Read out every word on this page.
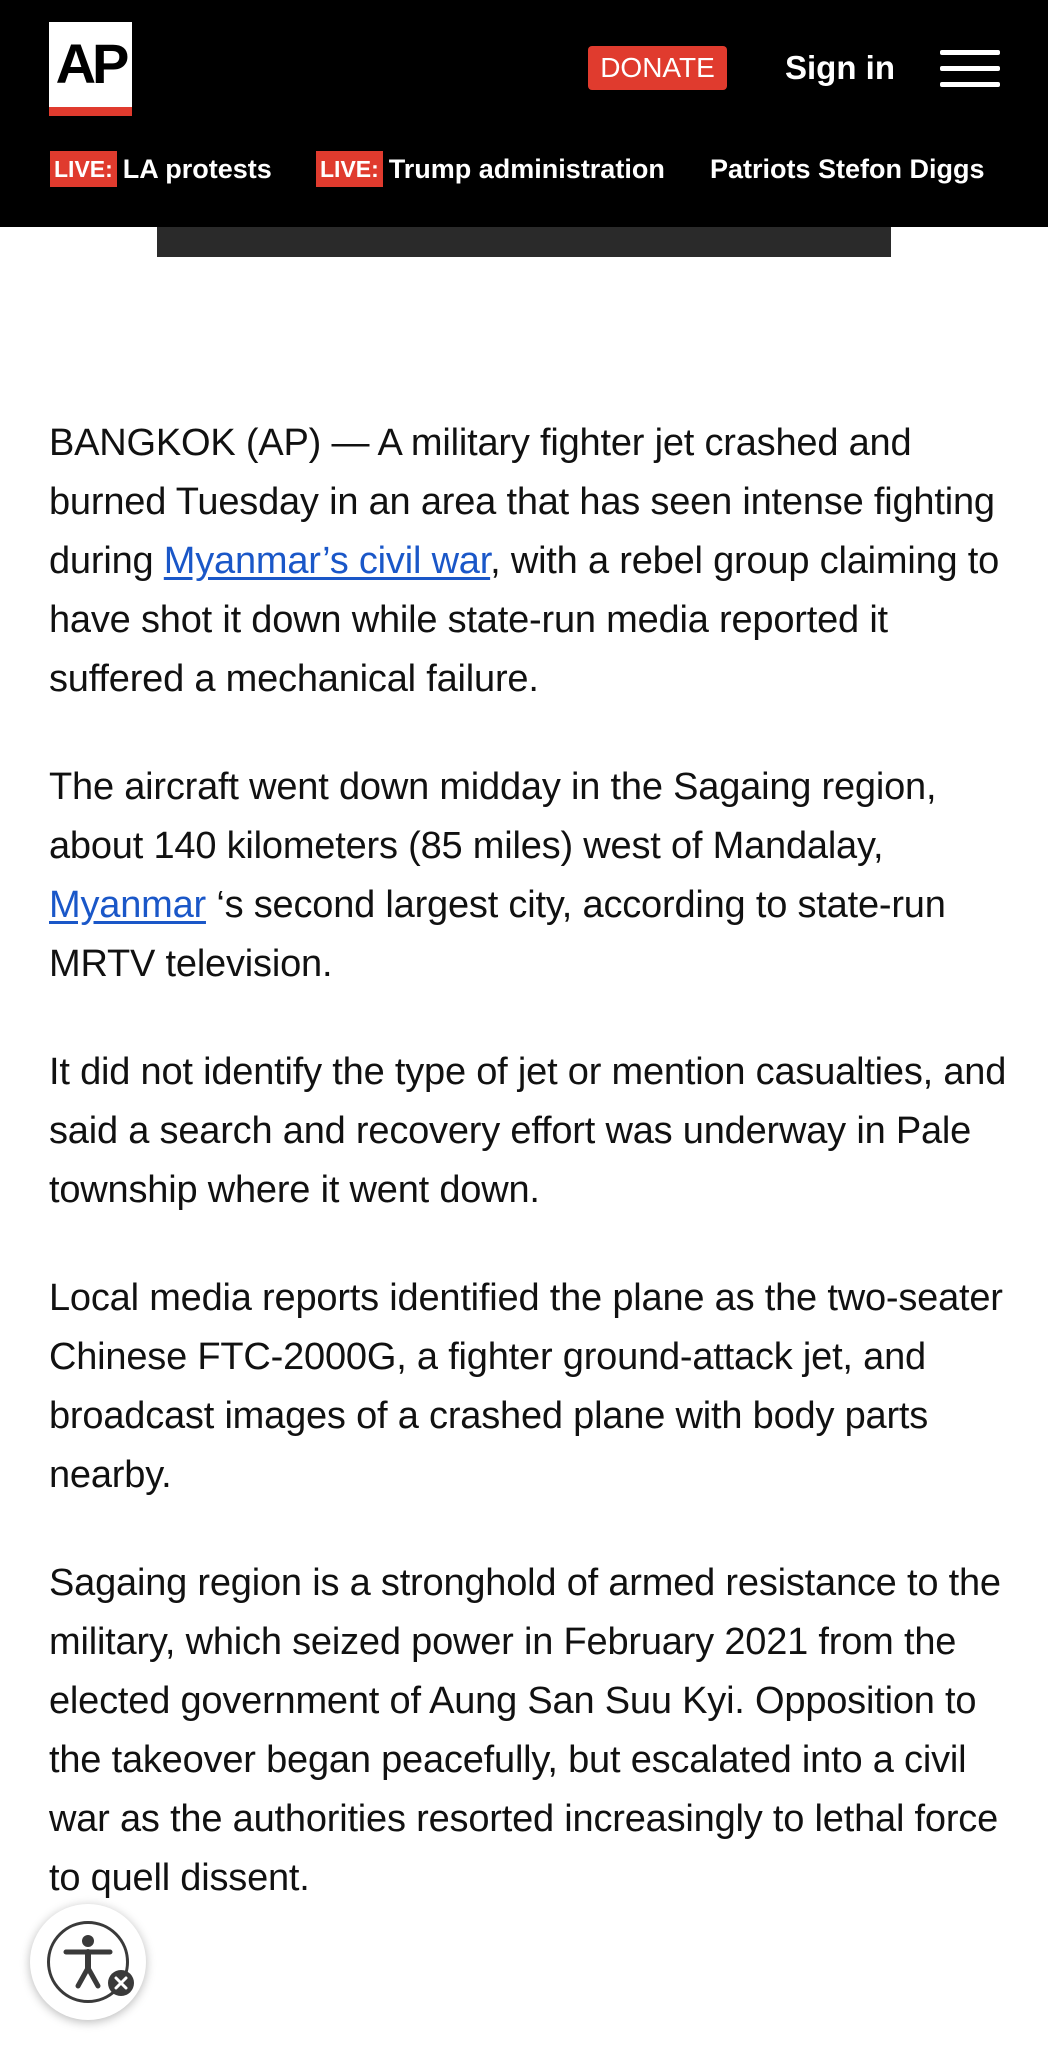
AP	DONATE	Sign in
LIVE: LA protests LIVE: Trump administration Patriots Stefon Diggs

BANGKOK (AP) — A military fighter jet crashed and burned Tuesday in an area that has seen intense fighting during Myanmar’s civil war, with a rebel group claiming to have shot it down while state-run media reported it suffered a mechanical failure.

The aircraft went down midday in the Sagaing region, about 140 kilometers (85 miles) west of Mandalay, Myanmar ‘s second largest city, according to state-run MRTV television.

It did not identify the type of jet or mention casualties, and said a search and recovery effort was underway in Pale township where it went down.

Local media reports identified the plane as the two-seater Chinese FTC-2000G, a fighter ground-attack jet, and broadcast images of a crashed plane with body parts nearby.

Sagaing region is a stronghold of armed resistance to the military, which seized power in February 2021 from the elected government of Aung San Suu Kyi. Opposition to the takeover began peacefully, but escalated into a civil war as the authorities resorted increasingly to lethal force to quell dissent.
